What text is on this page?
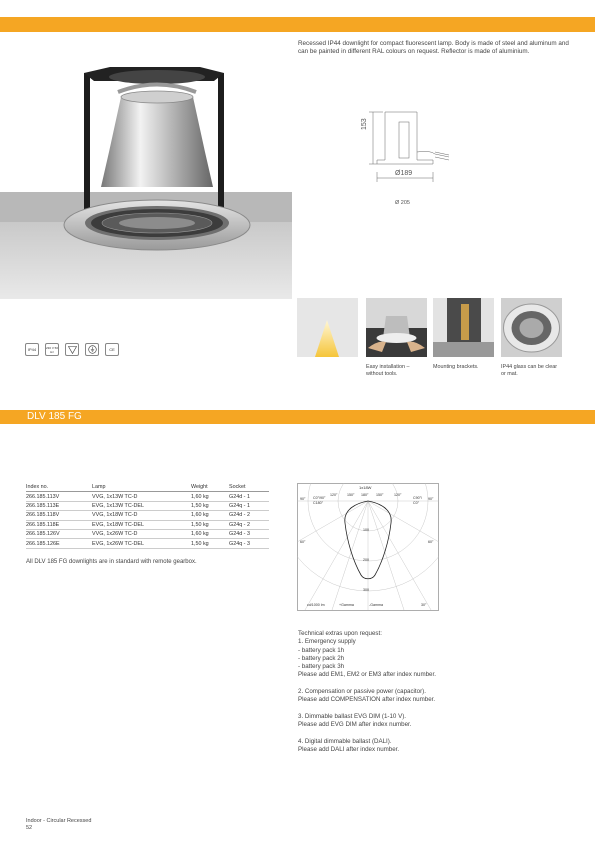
Recessed IP44 downlight for compact fluorescent lamp. Body is made of steel and aluminum and can be painted in different RAL colours on request. Reflector is made of aluminium.
153
Ø189
Ø 205
IP44	230 V 50 Hz	CE
Easy installation – without tools.
Mounting brackets.	IP44 glass can be clear or mat.
DLV 185 FG
Index no.	Lamp	Weight	Socket
266.185.113V	VVG, 1x13W TC-D	1,60 kg	G24d - 1
266.185.113E	EVG, 1x13W TC-DEL	1,50 kg	G24q - 1
266.185.118V	VVG, 1x18W TC-D	1,60 kg	G24d - 2
266.185.118E	EVG, 1x18W TC-DEL	1,50 kg	G24q - 2
266.185.126V	VVG, 1x26W TC-D	1,60 kg	G24d - 3
266.185.126E	EVG, 1x26W TC-DEL	1,50 kg	G24q - 3
All DLV 185 FG downlights are in standard with remote gearbox.
1x18W
90° C0°/90°
C180°
120°	150° 180° 150°	120°
C90°/
C0°
90°
100
60°	60°
200
300
cd/1000 lm	+Gamma	-Gamma	30°

Technical extras upon request:

1. Emergency supply

- battery pack 1h

- battery pack 2h

- battery pack 3h

Please add EM1, EM2 or EM3 after index number.

2. Compensation or passive power (capacitor).

Please add COMPENSATION after index number.

3. Dimmable ballast EVG DIM (1-10 V).

Please add EVG DIM after index number.

4. Digital dimmable ballast (DALI).

Please add DALI after index number.

Indoor - Circular Recessed
52
